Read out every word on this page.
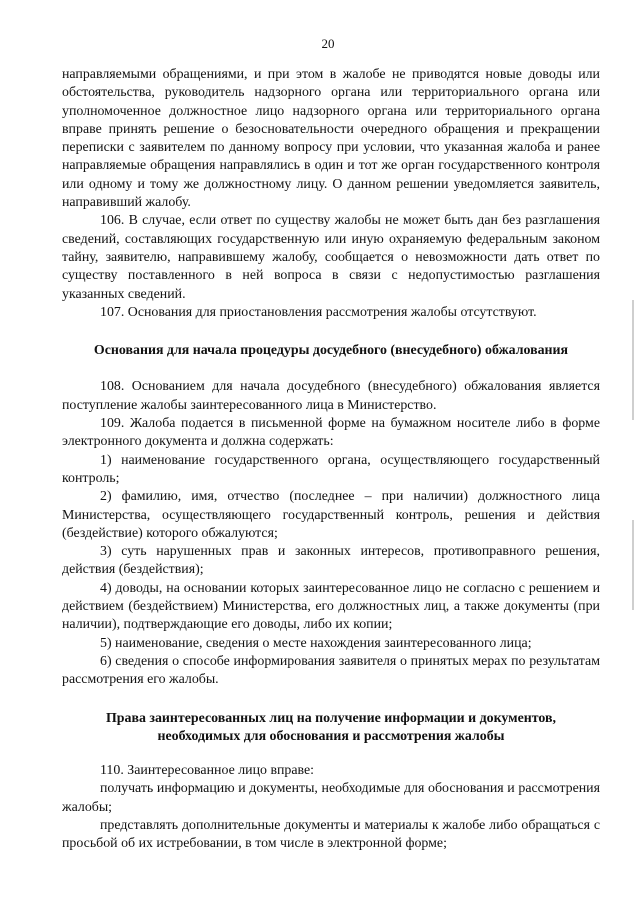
20

направляемыми обращениями, и при этом в жалобе не приводятся новые доводы или обстоятельства, руководитель надзорного органа или территориального органа или уполномоченное должностное лицо надзорного органа или территориального органа вправе принять решение о безосновательности очередного обращения и прекращении переписки с заявителем по данному вопросу при условии, что указанная жалоба и ранее направляемые обращения направлялись в один и тот же орган государственного контроля или одному и тому же должностному лицу. О данном решении уведомляется заявитель, направивший жалобу.

106. В случае, если ответ по существу жалобы не может быть дан без разглашения сведений, составляющих государственную или иную охраняемую федеральным законом тайну, заявителю, направившему жалобу, сообщается о невозможности дать ответ по существу поставленного в ней вопроса в связи с недопустимостью разглашения указанных сведений.

107. Основания для приостановления рассмотрения жалобы отсутствуют.

Основания для начала процедуры досудебного (внесудебного) обжалования

108. Основанием для начала досудебного (внесудебного) обжалования является поступление жалобы заинтересованного лица в Министерство.

109. Жалоба подается в письменной форме на бумажном носителе либо в форме электронного документа и должна содержать:

1) наименование государственного органа, осуществляющего государственный контроль;

2) фамилию, имя, отчество (последнее – при наличии) должностного лица Министерства, осуществляющего государственный контроль, решения и действия (бездействие) которого обжалуются;

3) суть нарушенных прав и законных интересов, противоправного решения, действия (бездействия);

4) доводы, на основании которых заинтересованное лицо не согласно с решением и действием (бездействием) Министерства, его должностных лиц, а также документы (при наличии), подтверждающие его доводы, либо их копии;

5) наименование, сведения о месте нахождения заинтересованного лица;

6) сведения о способе информирования заявителя о принятых мерах по результатам рассмотрения его жалобы.

Права заинтересованных лиц на получение информации и документов,

необходимых для обоснования и рассмотрения жалобы

110. Заинтересованное лицо вправе:

получать информацию и документы, необходимые для обоснования и рассмотрения жалобы;

представлять дополнительные документы и материалы к жалобе либо обращаться с просьбой об их истребовании, в том числе в электронной форме;
